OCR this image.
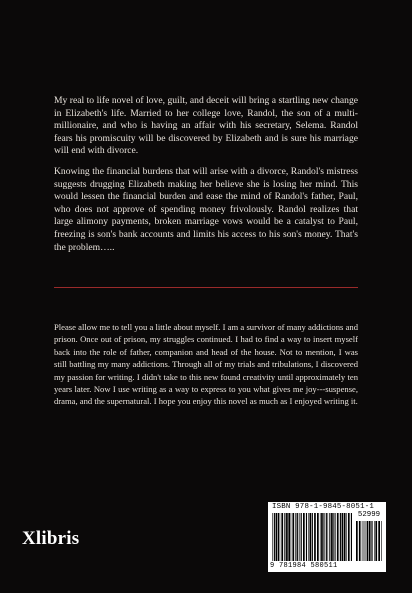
My real to life novel of love, guilt, and deceit will bring a startling new change in Elizabeth's life. Married to her college love, Randol, the son of a multi-millionaire, and who is having an affair with his secretary, Selema. Randol fears his promiscuity will be discovered by Elizabeth and is sure his marriage will end with divorce.

Knowing the financial burdens that will arise with a divorce, Randol's mistress suggests drugging Elizabeth making her believe she is losing her mind. This would lessen the financial burden and ease the mind of Randol's father, Paul, who does not approve of spending money frivolously. Randol realizes that large alimony payments, broken marriage vows would be a catalyst to Paul, freezing is son's bank accounts and limits his access to his son's money. That's the problem…..

Please allow me to tell you a little about myself. I am a survivor of many addictions and prison. Once out of prison, my struggles continued. I had to find a way to insert myself back into the role of father, companion and head of the house. Not to mention, I was still battling my many addictions. Through all of my trials and tribulations, I discovered my passion for writing. I didn't take to this new found creativity until approximately ten years later. Now I use writing as a way to express to you what gives me joy---suspense, drama, and the supernatural. I hope you enjoy this novel as much as I enjoyed writing it.

Xlibris
ISBN 978-1-9845-8051-1
52999
9 781984 580511
